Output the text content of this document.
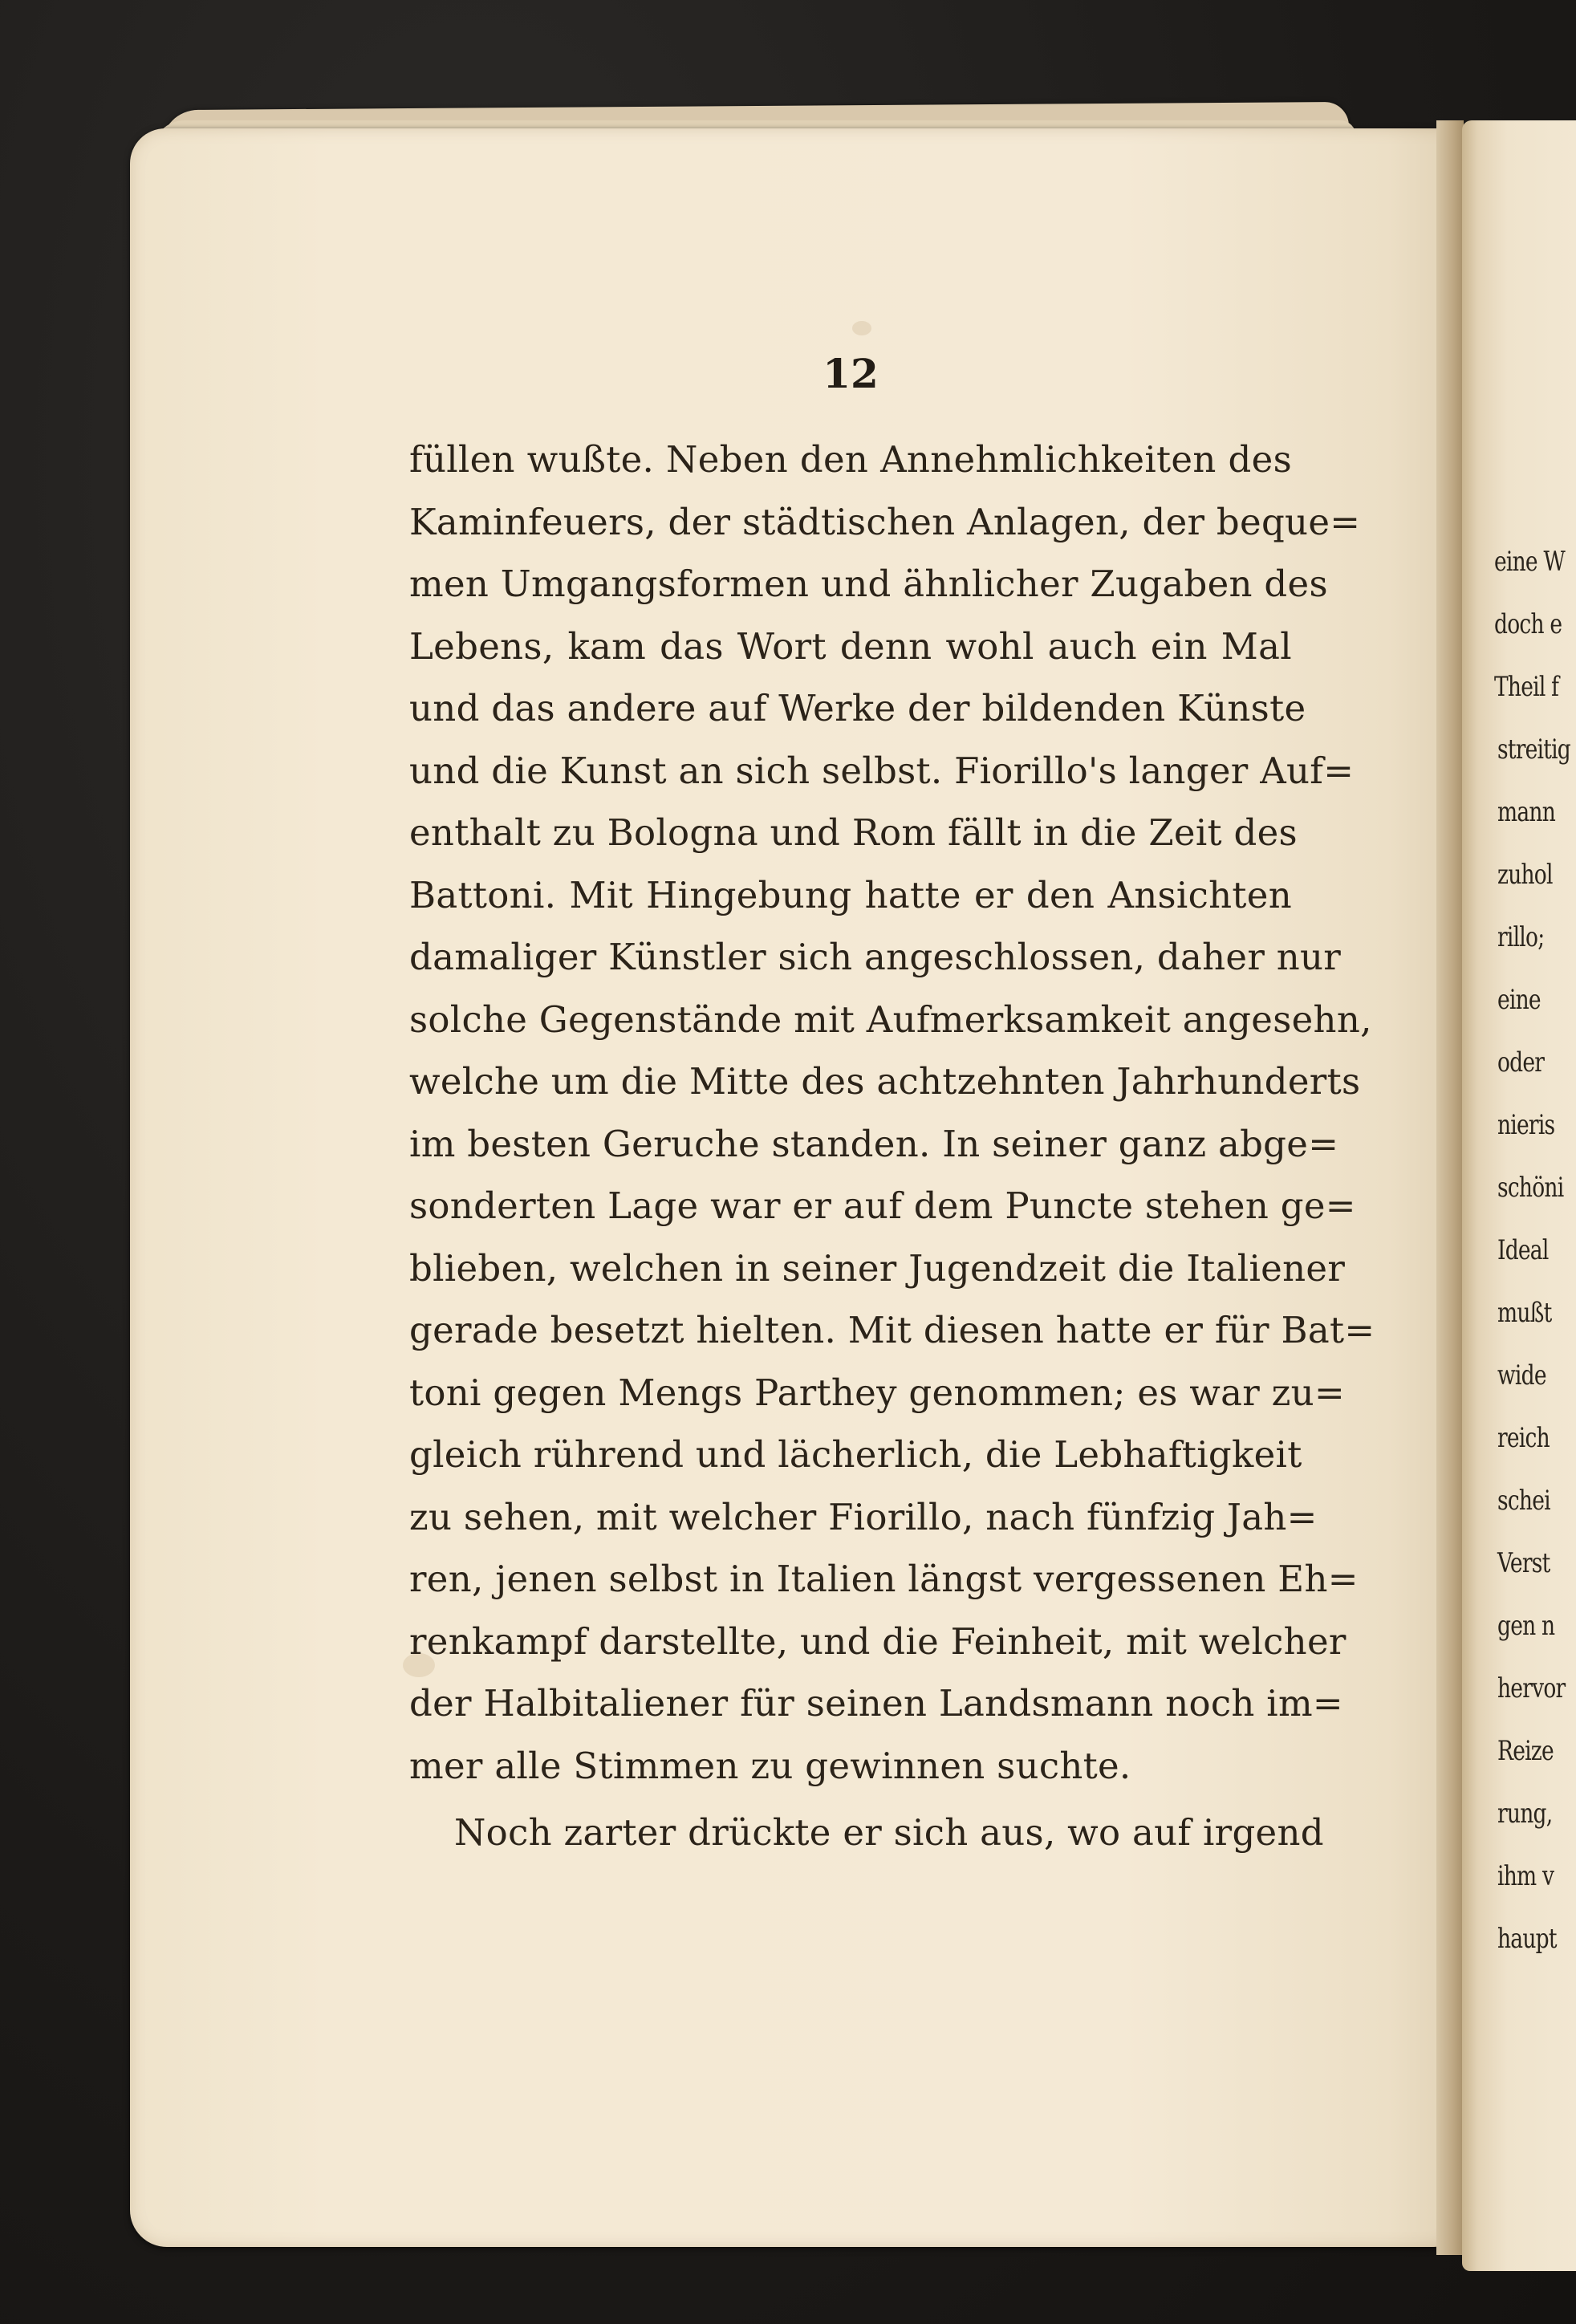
eine W
doch e
Theil f
streitig
mann
zuhol
rillo;
eine
oder
nieris
schöni
Ideal
mußt
wide
reich
schei
Verst
gen n
hervor
Reize
rung,
ihm v
haupt
12
füllen wußte. Neben den Annehmlichkeiten des
Kaminfeuers, der städtischen Anlagen, der beque=
men Umgangsformen und ähnlicher Zugaben des
Lebens, kam das Wort denn wohl auch ein Mal
und das andere auf Werke der bildenden Künste
und die Kunst an sich selbst. Fiorillo's langer Auf=
enthalt zu Bologna und Rom fällt in die Zeit des
Battoni. Mit Hingebung hatte er den Ansichten
damaliger Künstler sich angeschlossen, daher nur
solche Gegenstände mit Aufmerksamkeit angesehn,
welche um die Mitte des achtzehnten Jahrhunderts
im besten Geruche standen. In seiner ganz abge=
sonderten Lage war er auf dem Puncte stehen ge=
blieben, welchen in seiner Jugendzeit die Italiener
gerade besetzt hielten. Mit diesen hatte er für Bat=
toni gegen Mengs Parthey genommen; es war zu=
gleich rührend und lächerlich, die Lebhaftigkeit
zu sehen, mit welcher Fiorillo, nach fünfzig Jah=
ren, jenen selbst in Italien längst vergessenen Eh=
renkampf darstellte, und die Feinheit, mit welcher
der Halbitaliener für seinen Landsmann noch im=
mer alle Stimmen zu gewinnen suchte.
Noch zarter drückte er sich aus, wo auf irgend
